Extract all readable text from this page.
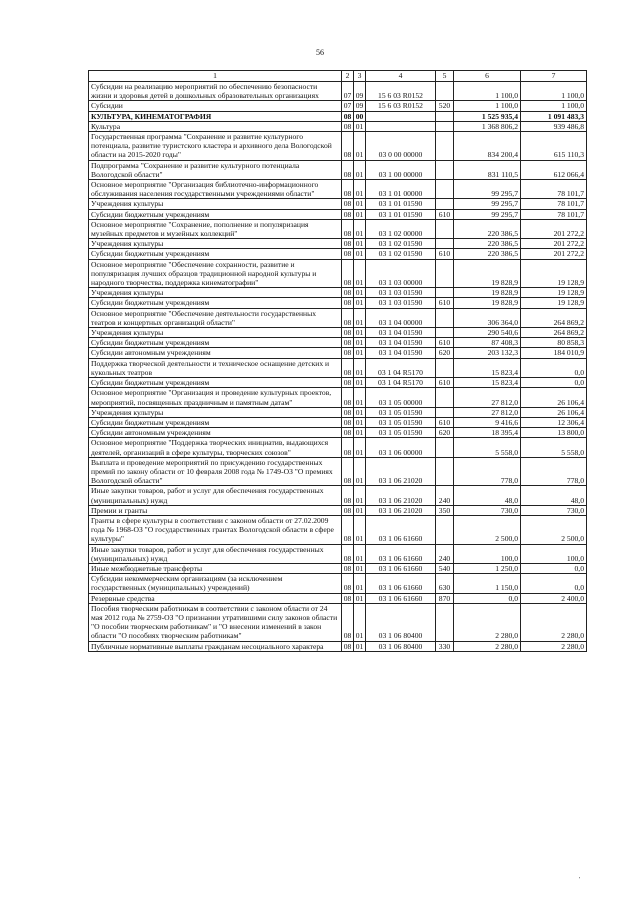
56
1	2	3	4	5	6	7
Субсидии на реализацию мероприятий по обеспечению безопасности жизни и здоровья детей в дошкольных образовательных организациях	07	09	15 6 03 R0152		1 100,0	1 100,0
Субсидии	07	09	15 6 03 R0152	520	1 100,0	1 100,0
КУЛЬТУРА, КИНЕМАТОГРАФИЯ	08	00			1 525 935,4	1 091 483,3
Культура	08	01			1 368 806,2	939 486,8
Государственная программа "Сохранение и развитие культурного потенциала, развитие туристского кластера и архивного дела Вологодской области на 2015-2020 годы"	08	01	03 0 00 00000		834 200,4	615 110,3
Подпрограмма "Сохранение и развитие культурного потенциала Вологодской области"	08	01	03 1 00 00000		831 110,5	612 066,4
Основное мероприятие "Организация библиотечно-информационного обслуживания населения государственными учреждениями области"	08	01	03 1 01 00000		99 295,7	78 101,7
Учреждения культуры	08	01	03 1 01 01590		99 295,7	78 101,7
Субсидии бюджетным учреждениям	08	01	03 1 01 01590	610	99 295,7	78 101,7
Основное мероприятие "Сохранение, пополнение и популяризация музейных предметов и музейных коллекций"	08	01	03 1 02 00000		220 386,5	201 272,2
Учреждения культуры	08	01	03 1 02 01590		220 386,5	201 272,2
Субсидии бюджетным учреждениям	08	01	03 1 02 01590	610	220 386,5	201 272,2
Основное мероприятие "Обеспечение сохранности, развитие и популяризация лучших образцов традиционной народной культуры и народного творчества, поддержка кинематографии"	08	01	03 1 03 00000		19 828,9	19 128,9
Учреждения культуры	08	01	03 1 03 01590		19 828,9	19 128,9
Субсидии бюджетным учреждениям	08	01	03 1 03 01590	610	19 828,9	19 128,9
Основное мероприятие "Обеспечение деятельности государственных театров и концертных организаций области"	08	01	03 1 04 00000		306 364,0	264 869,2
Учреждения культуры	08	01	03 1 04 01590		290 540,6	264 869,2
Субсидии бюджетным учреждениям	08	01	03 1 04 01590	610	87 408,3	80 858,3
Субсидии автономным учреждениям	08	01	03 1 04 01590	620	203 132,3	184 010,9
Поддержка творческой деятельности и техническое оснащение детских и кукольных театров	08	01	03 1 04 R5170		15 823,4	0,0
Субсидии бюджетным учреждениям	08	01	03 1 04 R5170	610	15 823,4	0,0
Основное мероприятие "Организация и проведение культурных проектов, мероприятий, посвященных праздничным и памятным датам"	08	01	03 1 05 00000		27 812,0	26 106,4
Учреждения культуры	08	01	03 1 05 01590		27 812,0	26 106,4
Субсидии бюджетным учреждениям	08	01	03 1 05 01590	610	9 416,6	12 306,4
Субсидии автономным учреждениям	08	01	03 1 05 01590	620	18 395,4	13 800,0
Основное мероприятие "Поддержка творческих инициатив, выдающихся деятелей, организаций в сфере культуры, творческих союзов"	08	01	03 1 06 00000		5 558,0	5 558,0
Выплата и проведение мероприятий по присуждению государственных премий по закону области от 10 февраля 2008 года № 1749-ОЗ "О премиях Вологодской области"	08	01	03 1 06 21020		778,0	778,0
Иные закупки товаров, работ и услуг для обеспечения государственных (муниципальных) нужд	08	01	03 1 06 21020	240	48,0	48,0
Премии и гранты	08	01	03 1 06 21020	350	730,0	730,0
Гранты в сфере культуры в соответствии с законом области от 27.02.2009 года № 1968-ОЗ "О государственных грантах Вологодской области в сфере культуры"	08	01	03 1 06 61660		2 500,0	2 500,0
Иные закупки товаров, работ и услуг для обеспечения государственных (муниципальных) нужд	08	01	03 1 06 61660	240	100,0	100,0
Иные межбюджетные трансферты	08	01	03 1 06 61660	540	1 250,0	0,0
Субсидии некоммерческим организациям (за исключением государственных (муниципальных) учреждений)	08	01	03 1 06 61660	630	1 150,0	0,0
Резервные средства	08	01	03 1 06 61660	870	0,0	2 400,0
Пособия творческим работникам в соответствии с законом области от 24 мая 2012 года № 2759-ОЗ "О признании утратившими силу законов области "О пособии творческим работникам" и "О внесении изменений в закон области "О пособиях творческим работникам"	08	01	03 1 06 80400		2 280,0	2 280,0
Публичные нормативные выплаты гражданам несоциального характера	08	01	03 1 06 80400	330	2 280,0	2 280,0
'
